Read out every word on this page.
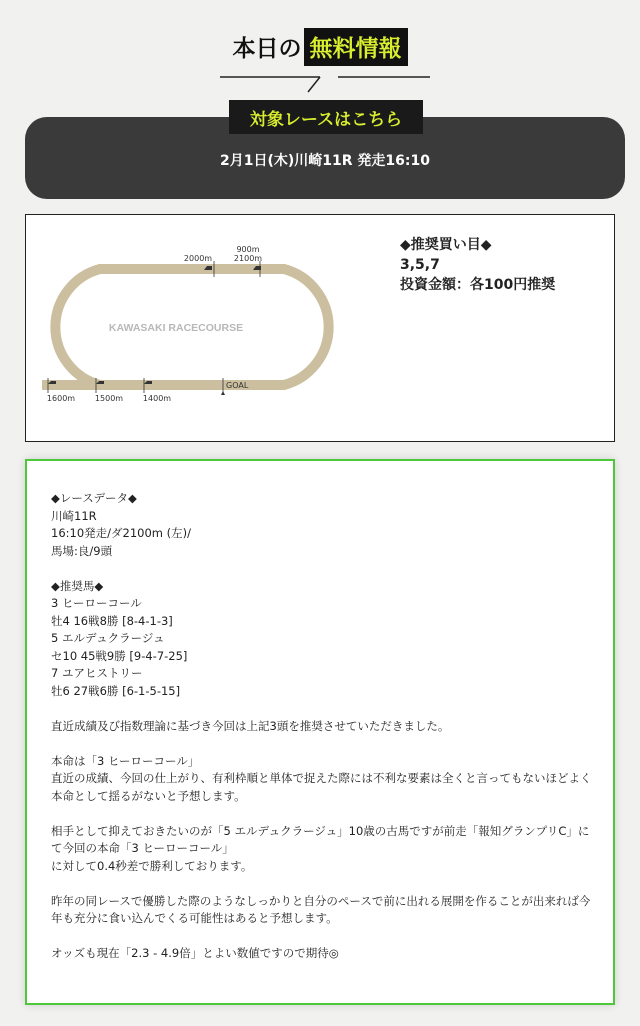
本日の 無料情報
対象レースはこちら
2月1日(木)川崎11R 発走16:10
KAWASAKI RACECOURSE
900m
2000m	2100m
1600m 1500m 1400m
GOAL
◆推奨買い目◆
3,5,7
投資金額：各100円推奨

◆レースデータ◆

川崎11R

16:10発走/ダ2100m (左)/

馬場:良/9頭

◆推奨馬◆

3 ヒーローコール

牡4 16戦8勝 [8-4-1-3]

5 エルデュクラージュ

セ10 45戦9勝 [9-4-7-25]

7 ユアヒストリー

牡6 27戦6勝 [6-1-5-15]

直近成績及び指数理論に基づき今回は上記3頭を推奨させていただきました。

本命は「3 ヒーローコール」

直近の成績、今回の仕上がり、有利枠順と単体で捉えた際には不利な要素は全くと言ってもないほどよく本命として揺るがないと予想します。

相手として抑えておきたいのが「5 エルデュクラージュ」10歳の古馬ですが前走「報知グランプリC」にて今回の本命「3 ヒーローコール」

に対して0.4秒差で勝利しております。

昨年の同レースで優勝した際のようなしっかりと自分のペースで前に出れる展開を作ることが出来れば今年も充分に食い込んでくる可能性はあると予想します。

オッズも現在「2.3 - 4.9倍」とよい数値ですので期待◎
